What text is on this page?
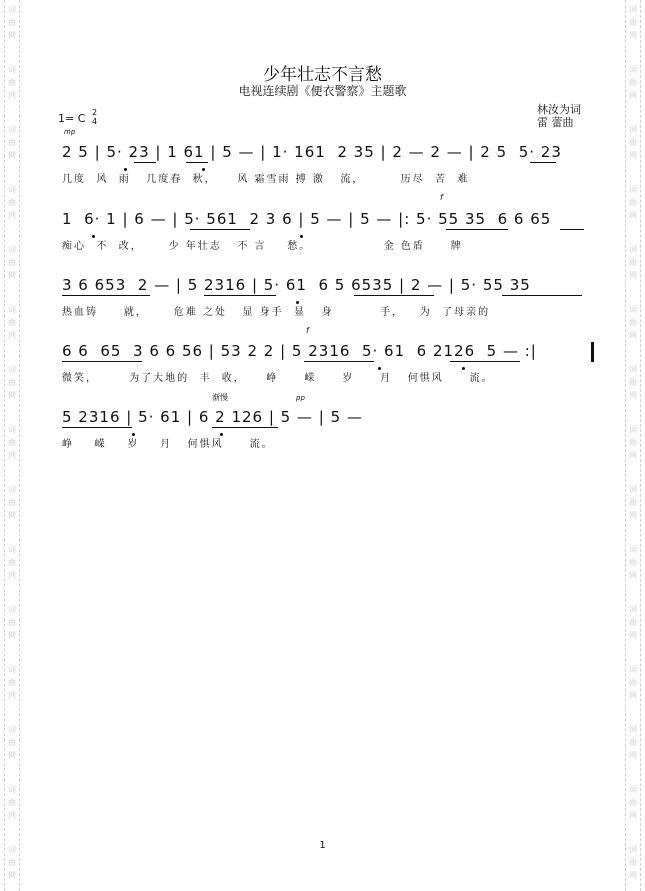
词
曲
网
词
曲
网
词
曲
网
词
曲
网
词
曲
网
词
曲
网
词
曲
网
词
曲
网
词
曲
网
词
曲
网
词
曲
网
词
曲
网
词
曲
网
词
曲
网
词
曲
网
词
曲
网
词
曲
网
词
曲
网
词
曲
网
词
曲
网
词
曲
网
词
曲
网
词
曲
网
词
曲
网
词
曲
网
词
曲
网
词
曲
网
词
曲
网
词
曲
网
词
曲
网
少年壮志不言愁
电视连续剧《便衣警察》主题歌
林汝为词
雷 蕾曲
1= C 2
4
mp
2 5 | 5· 23 | 1 61 | 5 — | 1· 161  2 35 | 2 — 2 — | 2 5  5· 23
几度  风  雨   几度春  秋，    风 霜雪雨 搏 激   流，       历尽  苦  难
1  6· 1 | 6 — | 5· 561  2 3 6 | 5 — | 5 — |: 5· 55 35  6 6 65
痴心  不  改，     少 年壮志   不 言    愁。              金 色盾     牌
f
3 6 653  2 — | 5 2316 | 5· 61  6 5 6535 | 2 — | 5· 55 35
热血铸     就，     危难 之处   显 身手  显   身         手，   为  了母亲的
6 6  65  3 6 6 56 | 53 2 2 | 5 2316  5· 61  6 2126  5 — :|
微笑，      为了大地的  丰  收，    峥     嵘     岁     月   何惧风     流。
f
渐慢	pp
5 2316 | 5· 61 | 6 2 126 | 5 — | 5 —
峥    嵘    岁    月   何惧风     流。
1
